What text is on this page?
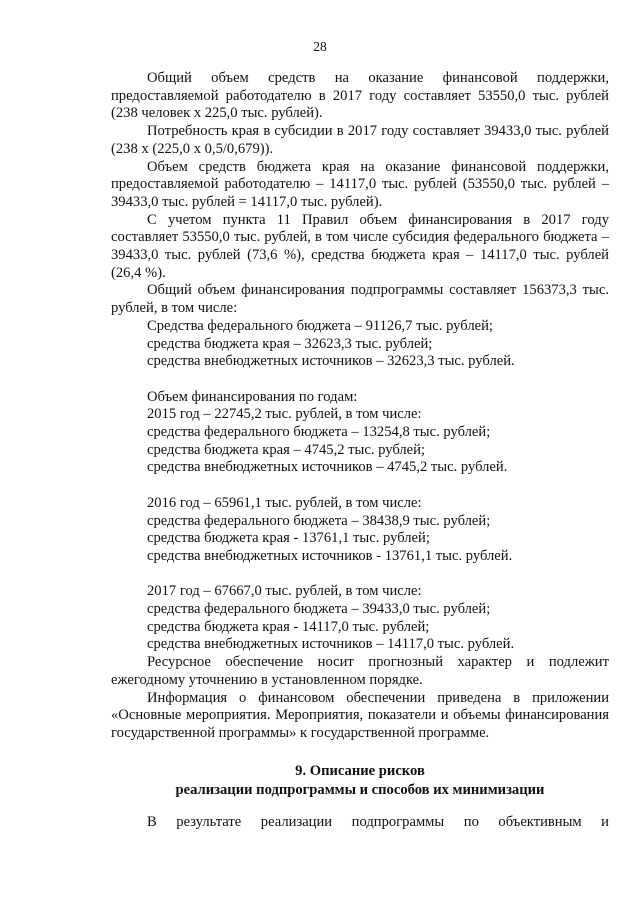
28

Общий объем средств на оказание финансовой поддержки, предоставляемой работодателю в 2017 году составляет 53550,0 тыс. рублей (238 человек х 225,0 тыс. рублей).

Потребность края в субсидии в 2017 году составляет 39433,0 тыс. рублей (238 х (225,0 х 0,5/0,679)).

Объем средств бюджета края на оказание финансовой поддержки, предоставляемой работодателю – 14117,0 тыс. рублей (53550,0 тыс. рублей – 39433,0 тыс. рублей = 14117,0 тыс. рублей).

С учетом пункта 11 Правил объем финансирования в 2017 году составляет 53550,0 тыс. рублей, в том числе субсидия федерального бюджета – 39433,0 тыс. рублей (73,6 %), средства бюджета края – 14117,0 тыс. рублей (26,4 %).

Общий объем финансирования подпрограммы составляет 156373,3 тыс. рублей, в том числе:

Средства федерального бюджета – 91126,7 тыс. рублей;

средства бюджета края – 32623,3 тыс. рублей;

средства внебюджетных источников – 32623,3 тыс. рублей.

Объем финансирования по годам:

2015 год – 22745,2 тыс. рублей, в том числе:

средства федерального бюджета – 13254,8 тыс. рублей;

средства бюджета края – 4745,2 тыс. рублей;

средства внебюджетных источников – 4745,2 тыс. рублей.

2016 год – 65961,1 тыс. рублей, в том числе:

средства федерального бюджета – 38438,9 тыс. рублей;

средства бюджета края - 13761,1 тыс. рублей;

средства внебюджетных источников - 13761,1 тыс. рублей.

2017 год – 67667,0 тыс. рублей, в том числе:

средства федерального бюджета – 39433,0 тыс. рублей;

средства бюджета края - 14117,0 тыс. рублей;

средства внебюджетных источников – 14117,0 тыс. рублей.

Ресурсное обеспечение носит прогнозный характер и подлежит ежегодному уточнению в установленном порядке.

Информация о финансовом обеспечении приведена в приложении «Основные мероприятия. Мероприятия, показатели и объемы финансирования государственной программы» к государственной программе.

9. Описание рисков
реализации подпрограммы и способов их минимизации

В результате реализации подпрограммы по объективным и
